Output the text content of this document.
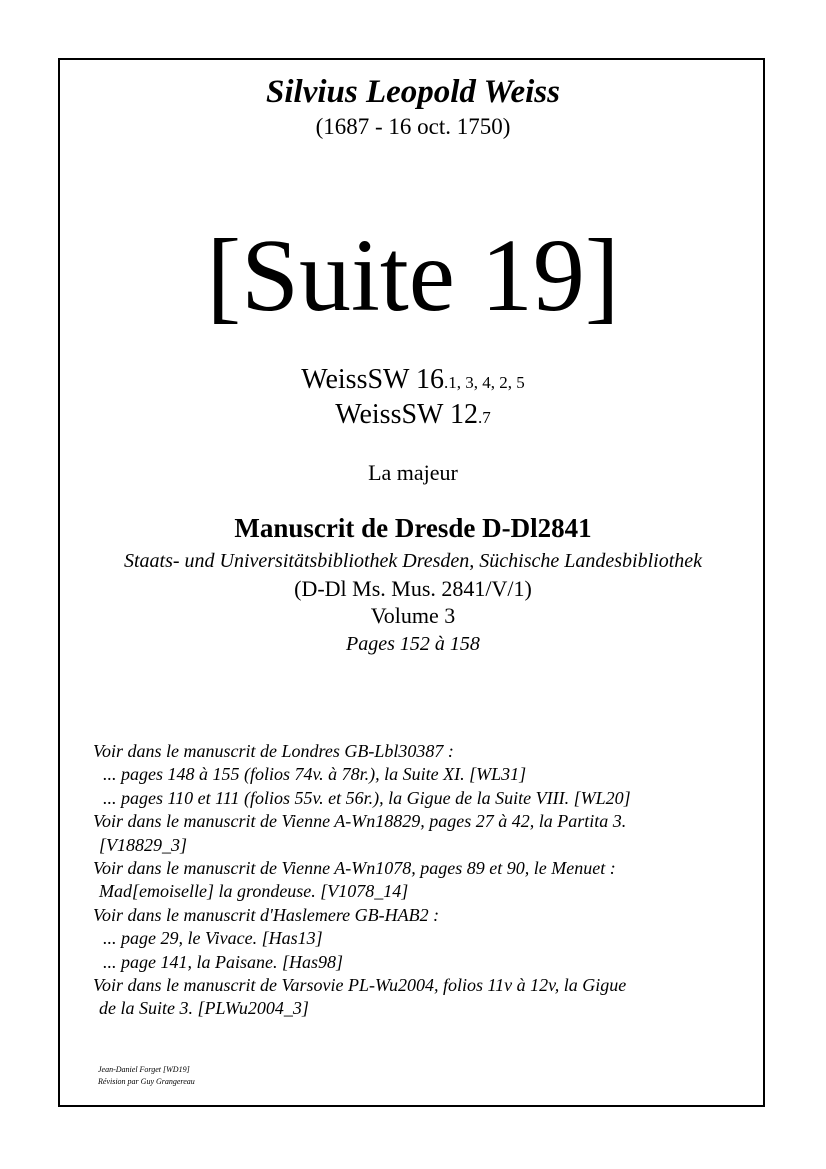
Silvius Leopold Weiss
(1687 - 16 oct. 1750)
[Suite 19]
WeissSW 16.1, 3, 4, 2, 5
WeissSW 12.7
La majeur
Manuscrit de Dresde D-Dl2841
Staats- und Universitätsbibliothek Dresden, Süchische Landesbibliothek
(D-Dl Ms. Mus. 2841/V/1)
Volume 3
Pages 152 à 158
Voir dans le manuscrit de Londres GB-Lbl30387 :
... pages 148 à 155 (folios 74v. à 78r.), la Suite XI. [WL31]
... pages 110 et 111 (folios 55v. et 56r.), la Gigue de la Suite VIII. [WL20]
Voir dans le manuscrit de Vienne A-Wn18829, pages 27 à 42, la Partita 3.
[V18829_3]
Voir dans le manuscrit de Vienne A-Wn1078, pages 89 et 90, le Menuet :
Mad[emoiselle] la grondeuse. [V1078_14]
Voir dans le manuscrit d'Haslemere GB-HAB2 :
... page 29, le Vivace. [Has13]
... page 141, la Paisane. [Has98]
Voir dans le manuscrit de Varsovie PL-Wu2004, folios 11v à 12v, la Gigue
de la Suite 3. [PLWu2004_3]
Jean-Daniel Forget [WD19]
Révision par Guy Grangereau
